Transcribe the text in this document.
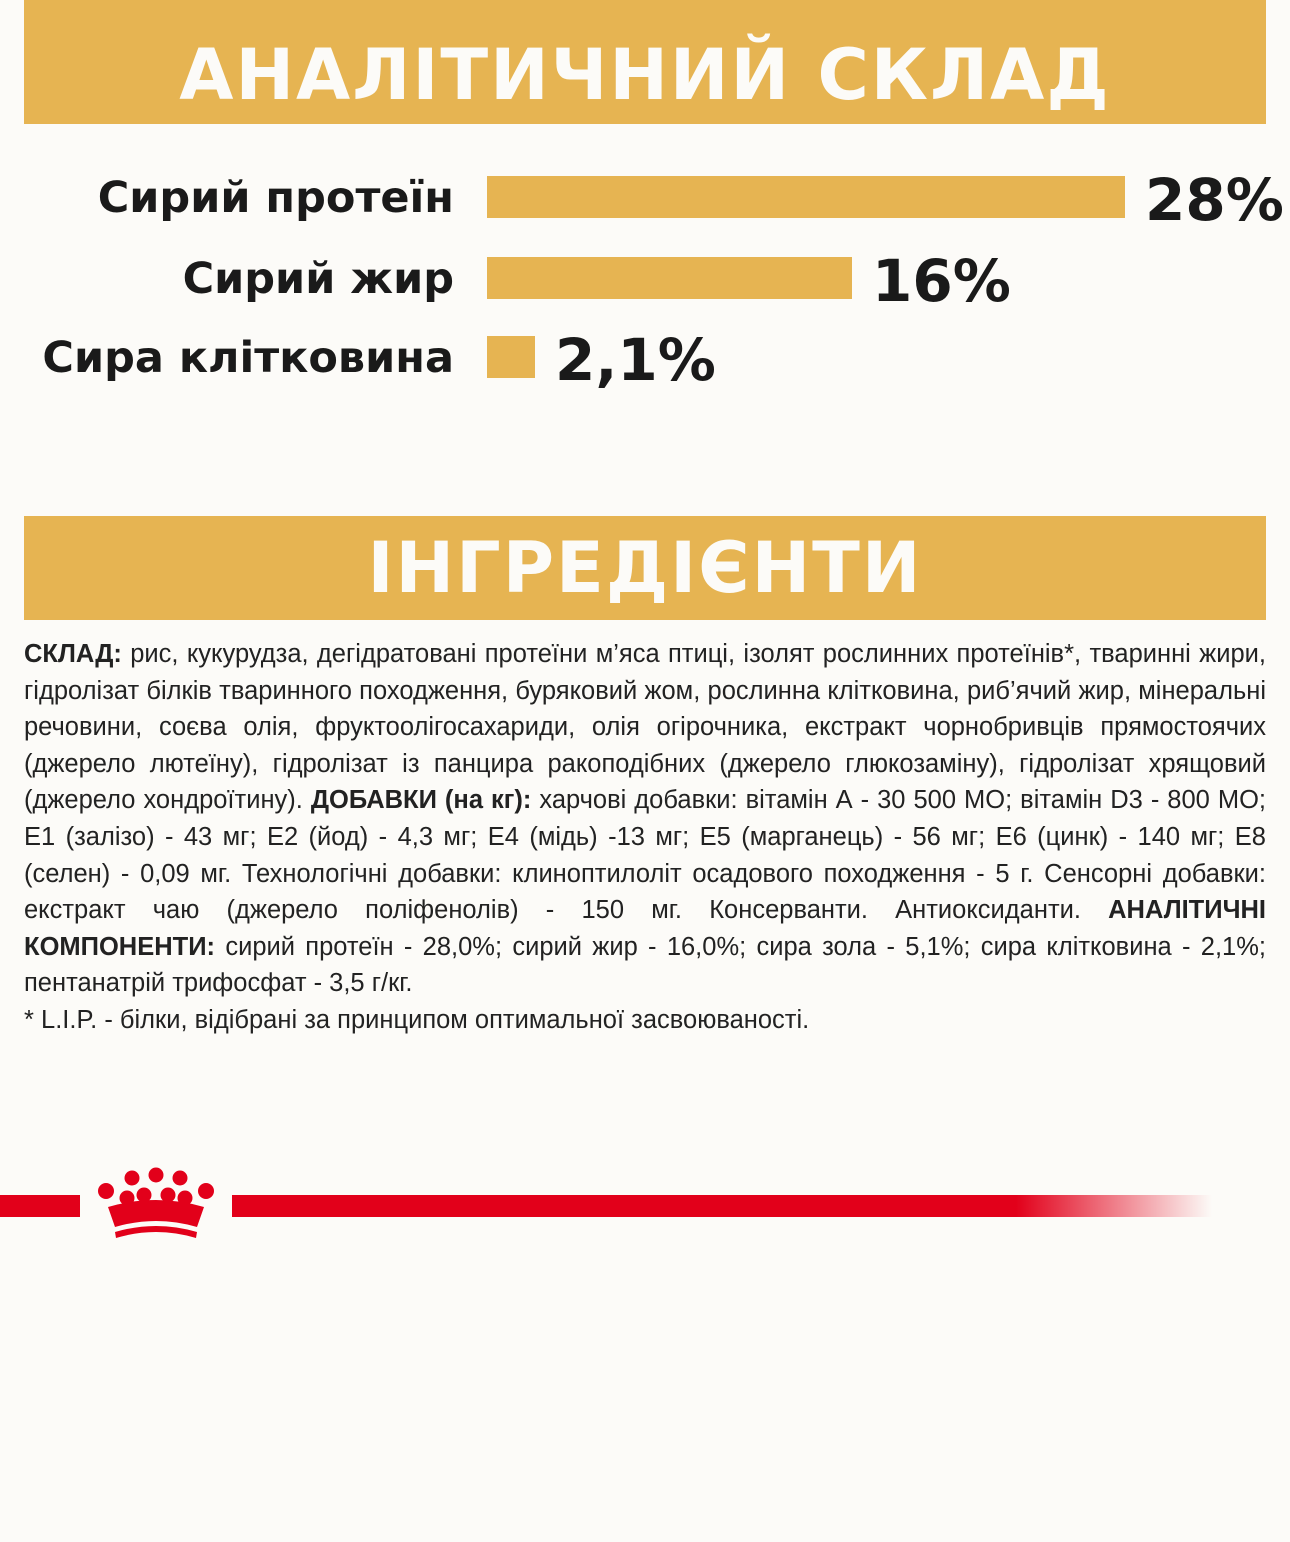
АНАЛІТИЧНИЙ СКЛАД
Сирий протеїн	28%
Сирий жир	16%
Сира клітковина 2,1%
ІНГРЕДІЄНТИ
СКЛАД: рис, кукурудза, дегідратовані протеїни м’яса птиці, ізолят рослинних протеїнів*, тваринні жири, гідролізат білків тваринного походження, буряковий жом, рослинна клітковина, риб’ячий жир, мінеральні речовини, соєва олія, фруктоолігосахариди, олія огірочника, екстракт чорнобривців прямостоячих (джерело лютеїну), гідролізат із панцира ракоподібних (джерело глюкозаміну), гідролізат хрящовий (джерело хондроїтину). ДОБАВКИ (на кг): харчові добавки: вітамін А - 30 500 МО; вітамін D3 - 800 МО; Е1 (залізо) - 43 мг; Е2 (йод) - 4,3 мг; Е4 (мідь) -13 мг; Е5 (марганець) - 56 мг; Е6 (цинк) - 140 мг; Е8 (селен) - 0,09 мг. Технологічні добавки: клиноптилоліт осадового походження - 5 г. Сенсорні добавки: екстракт чаю (джерело поліфенолів) - 150 мг. Консерванти. Антиоксиданти. АНАЛІТИЧНІ КОМПОНЕНТИ: сирий протеїн - 28,0%; сирий жир - 16,0%; сира зола - 5,1%; сира клітковина - 2,1%; пентанатрій трифосфат - 3,5 г/кг.
* L.I.P. - білки, відібрані за принципом оптимальної засвоюваності.
